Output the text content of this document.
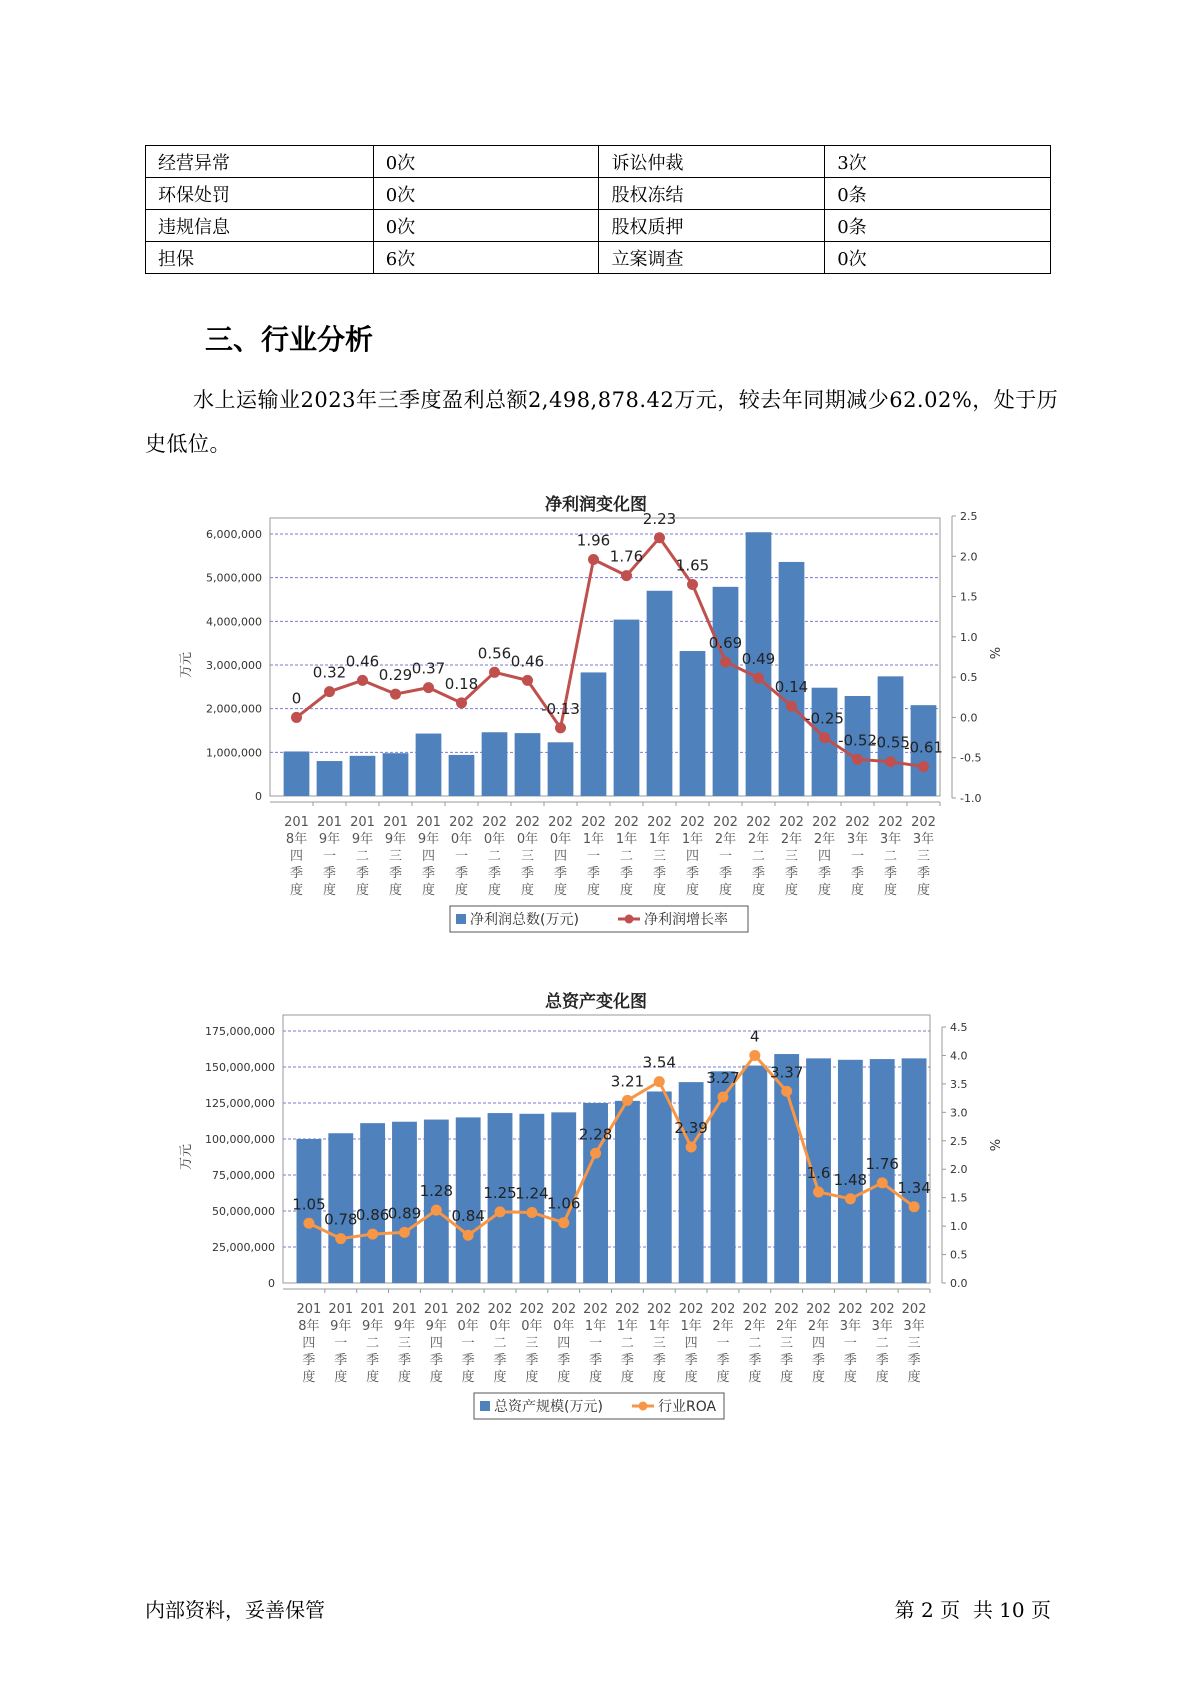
经营异常	0次	诉讼仲裁	3次
环保处罚	0次	股权冻结	0条
违规信息	0次	股权质押	0条
担保	6次	立案调查	0次
三、行业分析
水上运输业2023年三季度盈利总额2,498,878.42万元，较去年同期减少62.02%，处于历史低位。
净利润变化图
0
1,000,000
2,000,000
3,000,000
4,000,000
5,000,000
6,000,000
-1.0
-0.5
0.0
0.5
1.0
1.5
2.0
2.5
万元	%
201
8年
四
季
度
201
9年
一
季
度
201
9年
二
季
度
201
9年
三
季
度
201
9年
四
季
度
202
0年
一
季
度
202
0年
二
季
度
202
0年
三
季
度
202
0年
四
季
度
202
1年
一
季
度
202
1年
二
季
度
202
1年
三
季
度
202
1年
四
季
度
202
2年
一
季
度
202
2年
二
季
度
202
2年
三
季
度
202
2年
四
季
度
202
3年
一
季
度
202
3年
二
季
度
202
3年
三
季
度
0
0.32
0.46
0.29 0.37
0.18
0.56 0.46
-0.13
1.96
1.76
2.23
1.65
0.69
0.49
0.14
-0.25
-0.52
-0.55
-0.61
净利润总数(万元)	净利润增长率
总资产变化图
0
25,000,000
50,000,000
75,000,000
100,000,000
125,000,000
150,000,000
175,000,000
0.0
0.5
1.0
1.5
2.0
2.5
3.0
3.5
4.0
4.5
万元	%
201
8年
四
季
度
201
9年
一
季
度
201
9年
二
季
度
201
9年
三
季
度
201
9年
四
季
度
202
0年
一
季
度
202
0年
二
季
度
202
0年
三
季
度
202
0年
四
季
度
202
1年
一
季
度
202
1年
二
季
度
202
1年
三
季
度
202
1年
四
季
度
202
2年
一
季
度
202
2年
二
季
度
202
2年
三
季
度
202
2年
四
季
度
202
3年
一
季
度
202
3年
二
季
度
202
3年
三
季
度
1.05
0.78
0.86
0.89
1.28
0.84
1.25
1.24
1.06
2.28
3.21
3.54
2.39
3.27
4
3.37
1.6 1.48
1.76
1.34
总资产规模(万元)	行业ROA
内部资料，妥善保管	第 2 页  共 10 页
